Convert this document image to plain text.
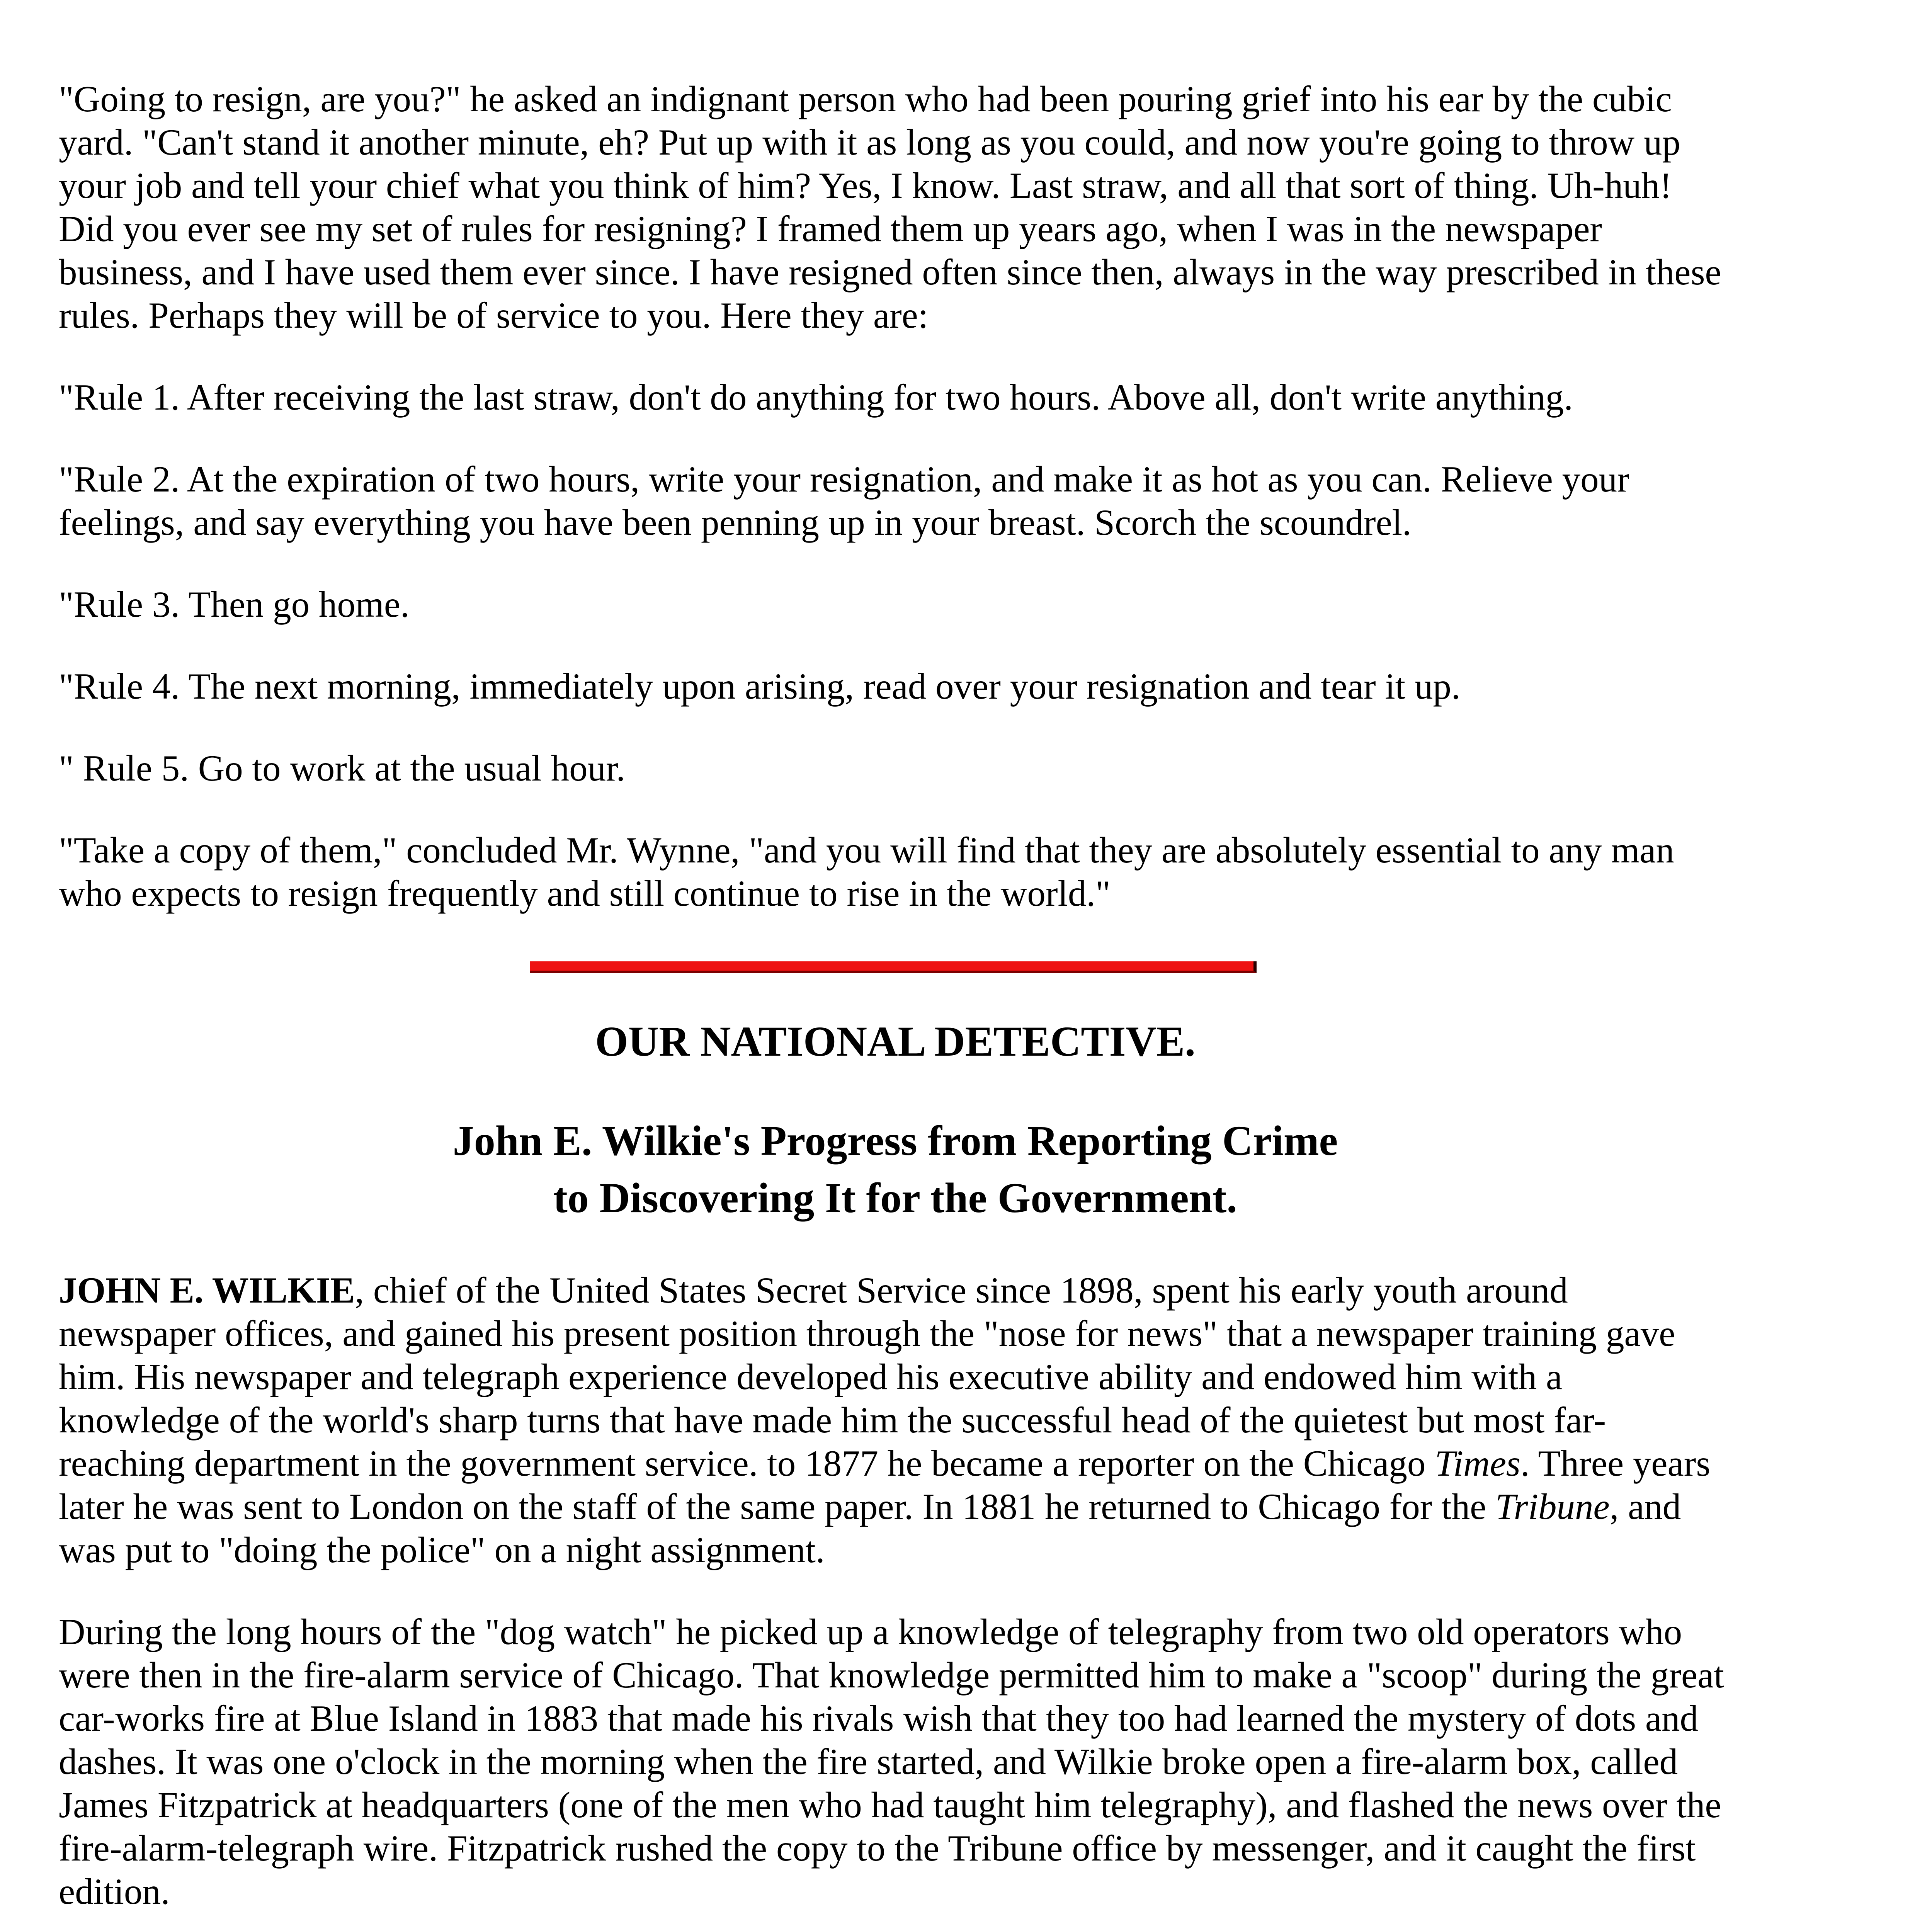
"Going to resign, are you?" he asked an indignant person who had been pouring grief into his ear by the cubic yard. "Can't stand it another minute, eh? Put up with it as long as you could, and now you're going to throw up your job and tell your chief what you think of him? Yes, I know. Last straw, and all that sort of thing. Uh-huh! Did you ever see my set of rules for resigning? I framed them up years ago, when I was in the newspaper business, and I have used them ever since. I have resigned often since then, always in the way prescribed in these rules. Perhaps they will be of service to you. Here they are:

"Rule 1. After receiving the last straw, don't do anything for two hours. Above all, don't write anything.

"Rule 2. At the expiration of two hours, write your resignation, and make it as hot as you can. Relieve your feelings, and say everything you have been penning up in your breast. Scorch the scoundrel.

"Rule 3. Then go home.

"Rule 4. The next morning, immediately upon arising, read over your resignation and tear it up.

" Rule 5. Go to work at the usual hour.

"Take a copy of them," concluded Mr. Wynne, "and you will find that they are absolutely essential to any man who expects to resign frequently and still continue to rise in the world."

OUR NATIONAL DETECTIVE.
John E. Wilkie's Progress from Reporting Crime
to Discovering It for the Government.

JOHN E. WILKIE, chief of the United States Secret Service since 1898, spent his early youth around newspaper offices, and gained his present position through the "nose for news" that a newspaper training gave him. His newspaper and telegraph experience developed his executive ability and endowed him with a knowledge of the world's sharp turns that have made him the successful head of the quietest but most far-reaching department in the government service. to 1877 he became a reporter on the Chicago Times. Three years later he was sent to London on the staff of the same paper. In 1881 he returned to Chicago for the Tribune, and was put to "doing the police" on a night assignment.

During the long hours of the "dog watch" he picked up a knowledge of telegraphy from two old operators who were then in the fire-alarm service of Chicago. That knowledge permitted him to make a "scoop" during the great car-works fire at Blue Island in 1883 that made his rivals wish that they too had learned the mystery of dots and dashes. It was one o'clock in the morning when the fire started, and Wilkie broke open a fire-alarm box, called James Fitzpatrick at headquarters (one of the men who had taught him telegraphy), and flashed the news over the fire-alarm-telegraph wire. Fitzpatrick rushed the copy to the Tribune office by messenger, and it caught the first edition.
